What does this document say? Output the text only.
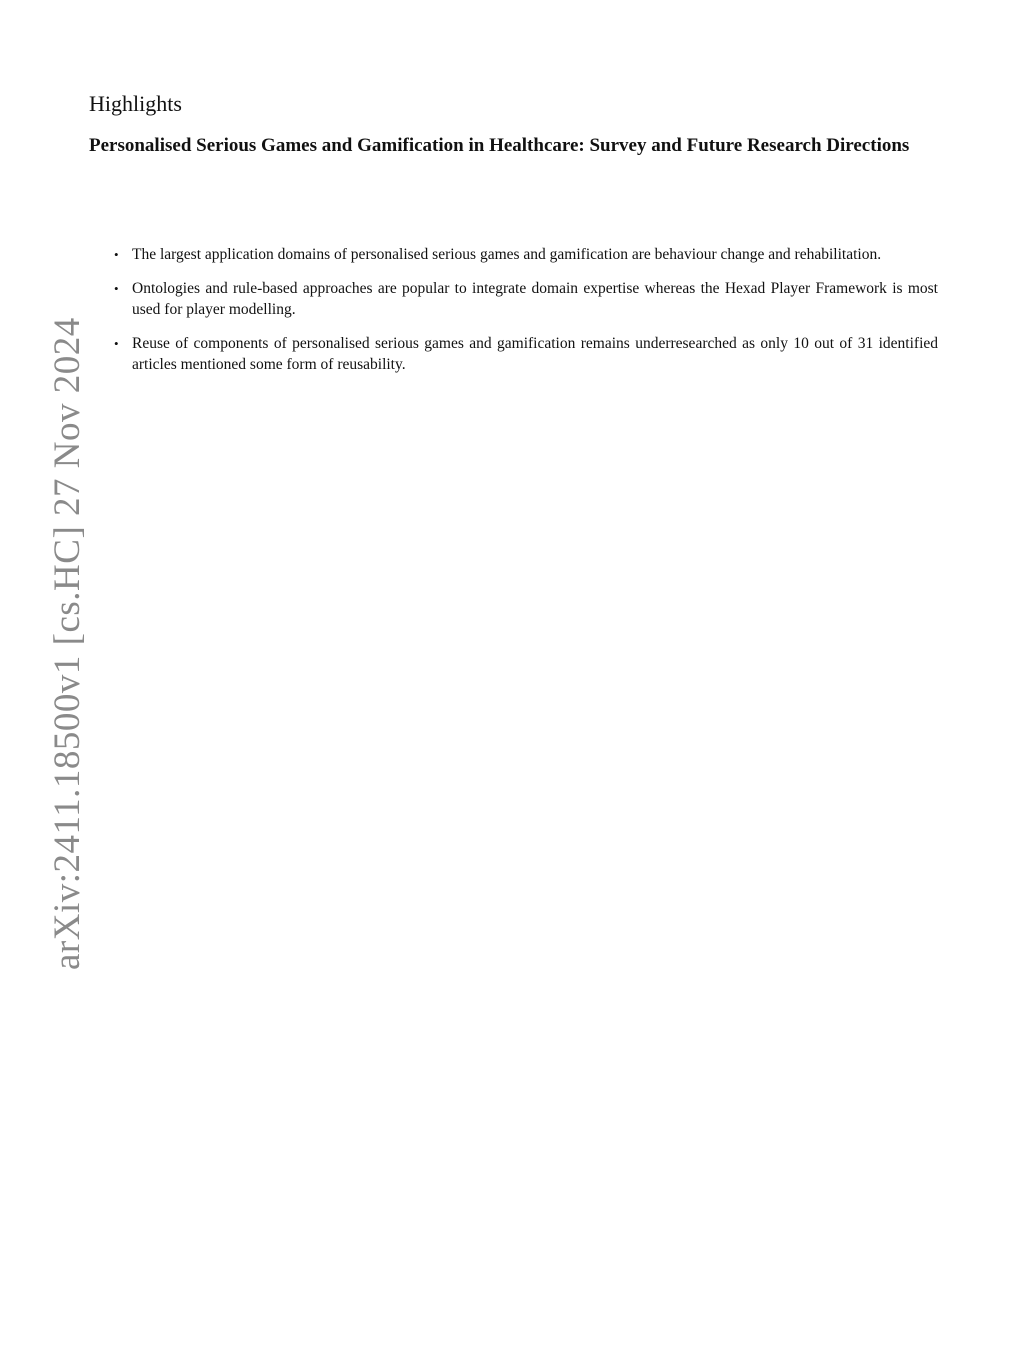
arXiv:2411.18500v1 [cs.HC] 27 Nov 2024
Highlights
Personalised Serious Games and Gamification in Healthcare: Survey and Future Research Directions
• The largest application domains of personalised serious games and gamification are behaviour change and rehabilitation.
• Ontologies and rule-based approaches are popular to integrate domain expertise whereas the Hexad Player Framework is most used for player modelling.
• Reuse of components of personalised serious games and gamification remains underresearched as only 10 out of 31 identified articles mentioned some form of reusability.
